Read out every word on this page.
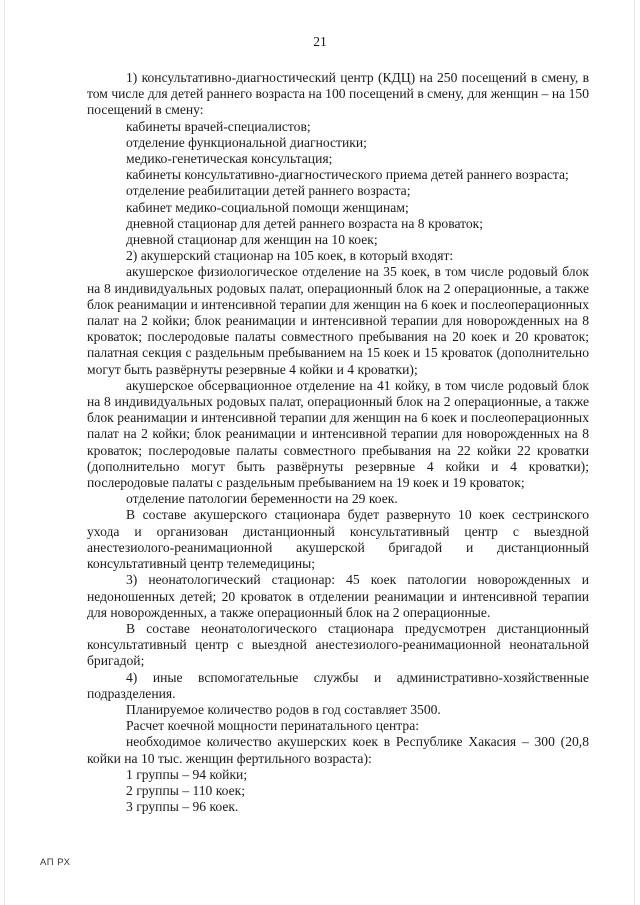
21

1) консультативно-диагностический центр (КДЦ) на 250 посещений в смену, в том числе для детей раннего возраста на 100 посещений в смену, для женщин – на 150 посещений в смену:

кабинеты врачей-специалистов;

отделение функциональной диагностики;

медико-генетическая консультация;

кабинеты консультативно-диагностического приема детей раннего возраста;

отделение реабилитации детей раннего возраста;

кабинет медико-социальной помощи женщинам;

дневной стационар для детей раннего возраста на 8 кроваток;

дневной стационар для женщин на 10 коек;

2) акушерский стационар на 105 коек, в который входят:

акушерское физиологическое отделение на 35 коек, в том числе родовый блок на 8 индивидуальных родовых палат, операционный блок на 2 операционные, а также блок реанимации и интенсивной терапии для женщин на 6 коек и послеоперационных палат на 2 койки; блок реанимации и интенсивной терапии для новорожденных на 8 кроваток; послеродовые палаты совместного пребывания на 20 коек и 20 кроваток; палатная секция с раздельным пребыванием на 15 коек и 15 кроваток (дополнительно могут быть развёрнуты резервные 4 койки и 4 кроватки);

акушерское обсервационное отделение на 41 койку, в том числе родовый блок на 8 индивидуальных родовых палат, операционный блок на 2 операционные, а также блок реанимации и интенсивной терапии для женщин на 6 коек и послеоперационных палат на 2 койки; блок реанимации и интенсивной терапии для новорожденных на 8 кроваток; послеродовые палаты совместного пребывания на 22 койки 22 кроватки (дополнительно могут быть развёрнуты резервные 4 койки и 4 кроватки); послеродовые палаты с раздельным пребыванием на 19 коек и 19 кроваток;

отделение патологии беременности на 29 коек.

В составе акушерского стационара будет развернуто 10 коек сестринского ухода и организован дистанционный консультативный центр с выездной анестезиолого-реанимационной акушерской бригадой и дистанционный консультативный центр телемедицины;

3) неонатологический стационар: 45 коек патологии новорожденных и недоношенных детей; 20 кроваток в отделении реанимации и интенсивной терапии для новорожденных, а также операционный блок на 2 операционные.

В составе неонатологического стационара предусмотрен дистанционный консультативный центр с выездной анестезиолого-реанимационной неонатальной бригадой;

4) иные вспомогательные службы и административно-хозяйственные подразделения.

Планируемое количество родов в год составляет 3500.

Расчет коечной мощности перинатального центра:

необходимое количество акушерских коек в Республике Хакасия – 300 (20,8 койки на 10 тыс. женщин фертильного возраста):

1 группы – 94 койки;

2 группы – 110 коек;

3 группы – 96 коек.

АП РХ
